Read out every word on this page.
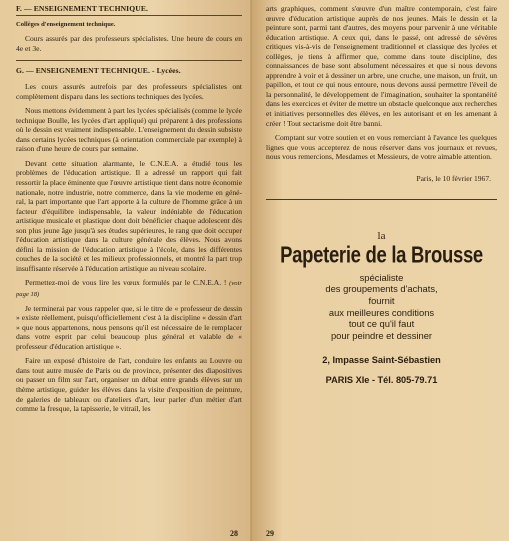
F. — ENSEIGNEMENT TECHNIQUE.

Collèges d'enseignement technique.

Cours assurés par des professeurs spécialistes. Une heure de cours en 4e et 3e.

G. — ENSEIGNEMENT TECHNIQUE. - Lycées.

Les cours assurés autrefois par des professeurs spécialistes ont complètement disparu dans les sections techniques des lycées.

Nous mettons évidemment à part les lycées spécialisés (comme le lycée technique Boulle, les lycées d'art appliqué) qui préparent à des professions où le dessin est vraiment indispensable. L'enseignement du dessin subsiste dans certains lycées techniques (à orientation commerciale par exemple) à raison d'une heure de cours par semaine.

Devant cette situation alarmante, le C.N.E.A. a étudié tous les problèmes de l'éducation artistique. Il a adressé un rapport qui fait ressortir la place éminente que l'œuvre artistique tient dans notre économie nationale, notre industrie, notre commerce, dans la vie moderne en général, la part importante que l'art apporte à la culture de l'homme grâce à un facteur d'équilibre indispensable, la valeur indéniable de l'éducation artistique musicale et plastique dont doit bénéficier chaque adolescent dès son plus jeune âge jusqu'à ses études supérieures, le rang que doit occuper l'éducation artistique dans la culture générale des élèves. Nous avons défini la mission de l'éducation artistique à l'école, dans les différentes couches de la société et les milieux professionnels, et montré la part trop insuffisante réservée à l'éducation artistique au niveau scolaire.

Permettez-moi de vous lire les vœux formulés par le C.N.E.A. ! (voir page 18)

Je terminerai par vous rappeler que, si le titre de « professeur de dessin » existe réellement, puisqu'officiellement c'est à la discipline « dessin d'art » que nous appartenons, nous pensons qu'il est nécessaire de le remplacer dans votre esprit par celui beaucoup plus général et valable de « professeur d'éducation artistique ».

Faire un exposé d'histoire de l'art, conduire les enfants au Louvre ou dans tout autre musée de Paris ou de province, présenter des diapositives ou passer un film sur l'art, organiser un débat entre grands élèves sur un thème artistique, guider les élèves dans la visite d'exposition de peinture, de galeries de tableaux ou d'ateliers d'art, leur parler d'un métier d'art comme la fresque, la tapisserie, le vitrail, les

28

arts graphiques, comment s'œuvre d'un maître contemporain, c'est faire œuvre d'éducation artistique auprès de nos jeunes. Mais le dessin et la peinture sont, parmi tant d'autres, des moyens pour parvenir à une véritable éducation artistique. A ceux qui, dans le passé, ont adressé de sévères critiques vis-à-vis de l'enseignement traditionnel et classique des lycées et collèges, je tiens à affirmer que, comme dans toute discipline, des connaissances de base sont absolument nécessaires et que si nous devons apprendre à voir et à dessiner un arbre, une cruche, une maison, un fruit, un papillon, et tout ce qui nous entoure, nous devons aussi permettre l'éveil de la personnalité, le développement de l'imagination, souhaiter la spontanéité dans les exercices et éviter de mettre un obstacle quelconque aux recherches et initiatives personnelles des élèves, en les autorisant et en les amenant à créer ! Tout sectarisme doit être banni.

Comptant sur votre soutien et en vous remerciant à l'avance les quelques lignes que vous accepterez de nous réserver dans vos journaux et revues, nous vous remercions, Mesdames et Messieurs, de votre aimable attention.

Paris, le 10 février 1967.

la

Papeterie de la Brousse

spécialiste

des groupements d'achats,

fournit

aux meilleures conditions

tout ce qu'il faut

pour peindre et dessiner

2, Impasse Saint-Sébastien

PARIS XIe - Tél. 805-79.71

29
